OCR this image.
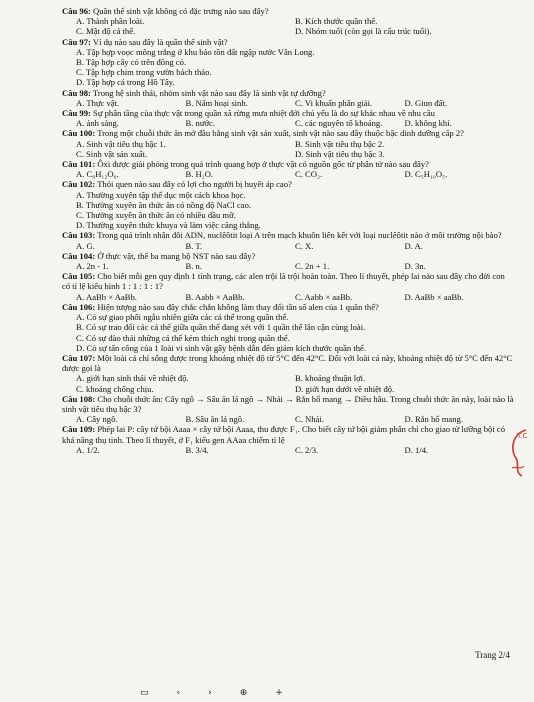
Câu 96: Quần thể sinh vật không có đặc trưng nào sau đây?
A. Thành phần loài.	B. Kích thước quần thể.
C. Mật độ cá thể.	D. Nhóm tuổi (còn gọi là cấu trúc tuổi).
Câu 97: Ví dụ nào sau đây là quần thể sinh vật?
A. Tập hợp voọc mông trắng ở khu bảo tồn đất ngập nước Vân Long.
B. Tập hợp cây cỏ trên đồng cỏ.
C. Tập hợp chim trong vườn bách thảo.
D. Tập hợp cá trong Hồ Tây.
Câu 98: Trong hệ sinh thái, nhóm sinh vật nào sau đây là sinh vật tự dưỡng?
A. Thực vật.	B. Nấm hoại sinh.	C. Vi khuẩn phân giải.	D. Giun đất.
Câu 99: Sự phân tầng của thực vật trong quần xã rừng mưa nhiệt đới chủ yếu là do sự khác nhau về nhu cầu
A. ánh sáng.	B. nước.	C. các nguyên tố khoáng.	D. không khí.
Câu 100: Trong một chuỗi thức ăn mở đầu bằng sinh vật sản xuất, sinh vật nào sau đây thuộc bậc dinh dưỡng cấp 2?
A. Sinh vật tiêu thụ bậc 1.	B. Sinh vật tiêu thụ bậc 2.
C. Sinh vật sản xuất.	D. Sinh vật tiêu thụ bậc 3.
Câu 101: Ôxi được giải phóng trong quá trình quang hợp ở thực vật có nguồn gốc từ phân tử nào sau đây?
A. C₆H₁₂O₆.	B. H₂O.	C. CO₂.	D. C₅H₁₀O₅.
Câu 102: Thói quen nào sau đây có lợi cho người bị huyết áp cao?
A. Thường xuyên tập thể dục một cách khoa học.
B. Thường xuyên ăn thức ăn có nồng độ NaCl cao.
C. Thường xuyên ăn thức ăn có nhiều dầu mỡ.
D. Thường xuyên thức khuya và làm việc căng thẳng.
Câu 103: Trong quá trình nhân đôi ADN, nuclêôtit loại A trên mạch khuôn liên kết với loại nuclêôtit nào ở môi trường nội bào?
A. G.	B. T.	C. X.	D. A.
Câu 104: Ở thực vật, thể ba mang bộ NST nào sau đây?
A. 2n - 1.	B. n.	C. 2n + 1.	D. 3n.
Câu 105: Cho biết mỗi gen quy định 1 tính trạng, các alen trội là trội hoàn toàn. Theo lí thuyết, phép lai nào sau đây cho đời con có tỉ lệ kiểu hình 1 : 1 : 1 : 1?
A. AaBb × AaBb.	B. Aabb × AaBb.	C. Aabb × aaBb.	D. AaBb × aaBb.
Câu 106: Hiện tượng nào sau đây chắc chắn không làm thay đổi tần số alen của 1 quần thể?
A. Có sự giao phối ngẫu nhiên giữa các cá thể trong quần thể.
B. Có sự trao đổi các cá thể giữa quần thể đang xét với 1 quần thể lân cận cùng loài.
C. Có sự đào thải những cá thể kém thích nghi trong quần thể.
D. Có sự tấn công của 1 loài vi sinh vật gây bệnh dẫn đến giảm kích thước quần thể.
Câu 107: Một loài cá chỉ sống được trong khoảng nhiệt độ từ 5°C đến 42°C. Đối với loài cá này, khoảng nhiệt độ từ 5°C đến 42°C được gọi là
A. giới hạn sinh thái về nhiệt độ.	B. khoảng thuận lợi.
C. khoảng chống chịu.	D. giới hạn dưới về nhiệt độ.
Câu 108: Cho chuỗi thức ăn: Cây ngô → Sâu ăn lá ngô → Nhái → Rắn hổ mang → Diều hâu. Trong chuỗi thức ăn này, loài nào là sinh vật tiêu thụ bậc 3?
A. Cây ngô.	B. Sâu ăn lá ngô.	C. Nhái.	D. Rắn hổ mang.
Câu 109: Phép lai P: cây tứ bội Aaaa × cây tứ bội Aaaa, thu được F₁. Cho biết cây tứ bội giảm phân chỉ cho giao tử lưỡng bội có khả năng thụ tinh. Theo lí thuyết, ở F₁ kiểu gen AAaa chiếm tỉ lệ
A. 1/2.	B. 3/4.	C. 2/3.	D. 1/4.
T.C
Trang 2/4
▭	‹	›	⊕	+
